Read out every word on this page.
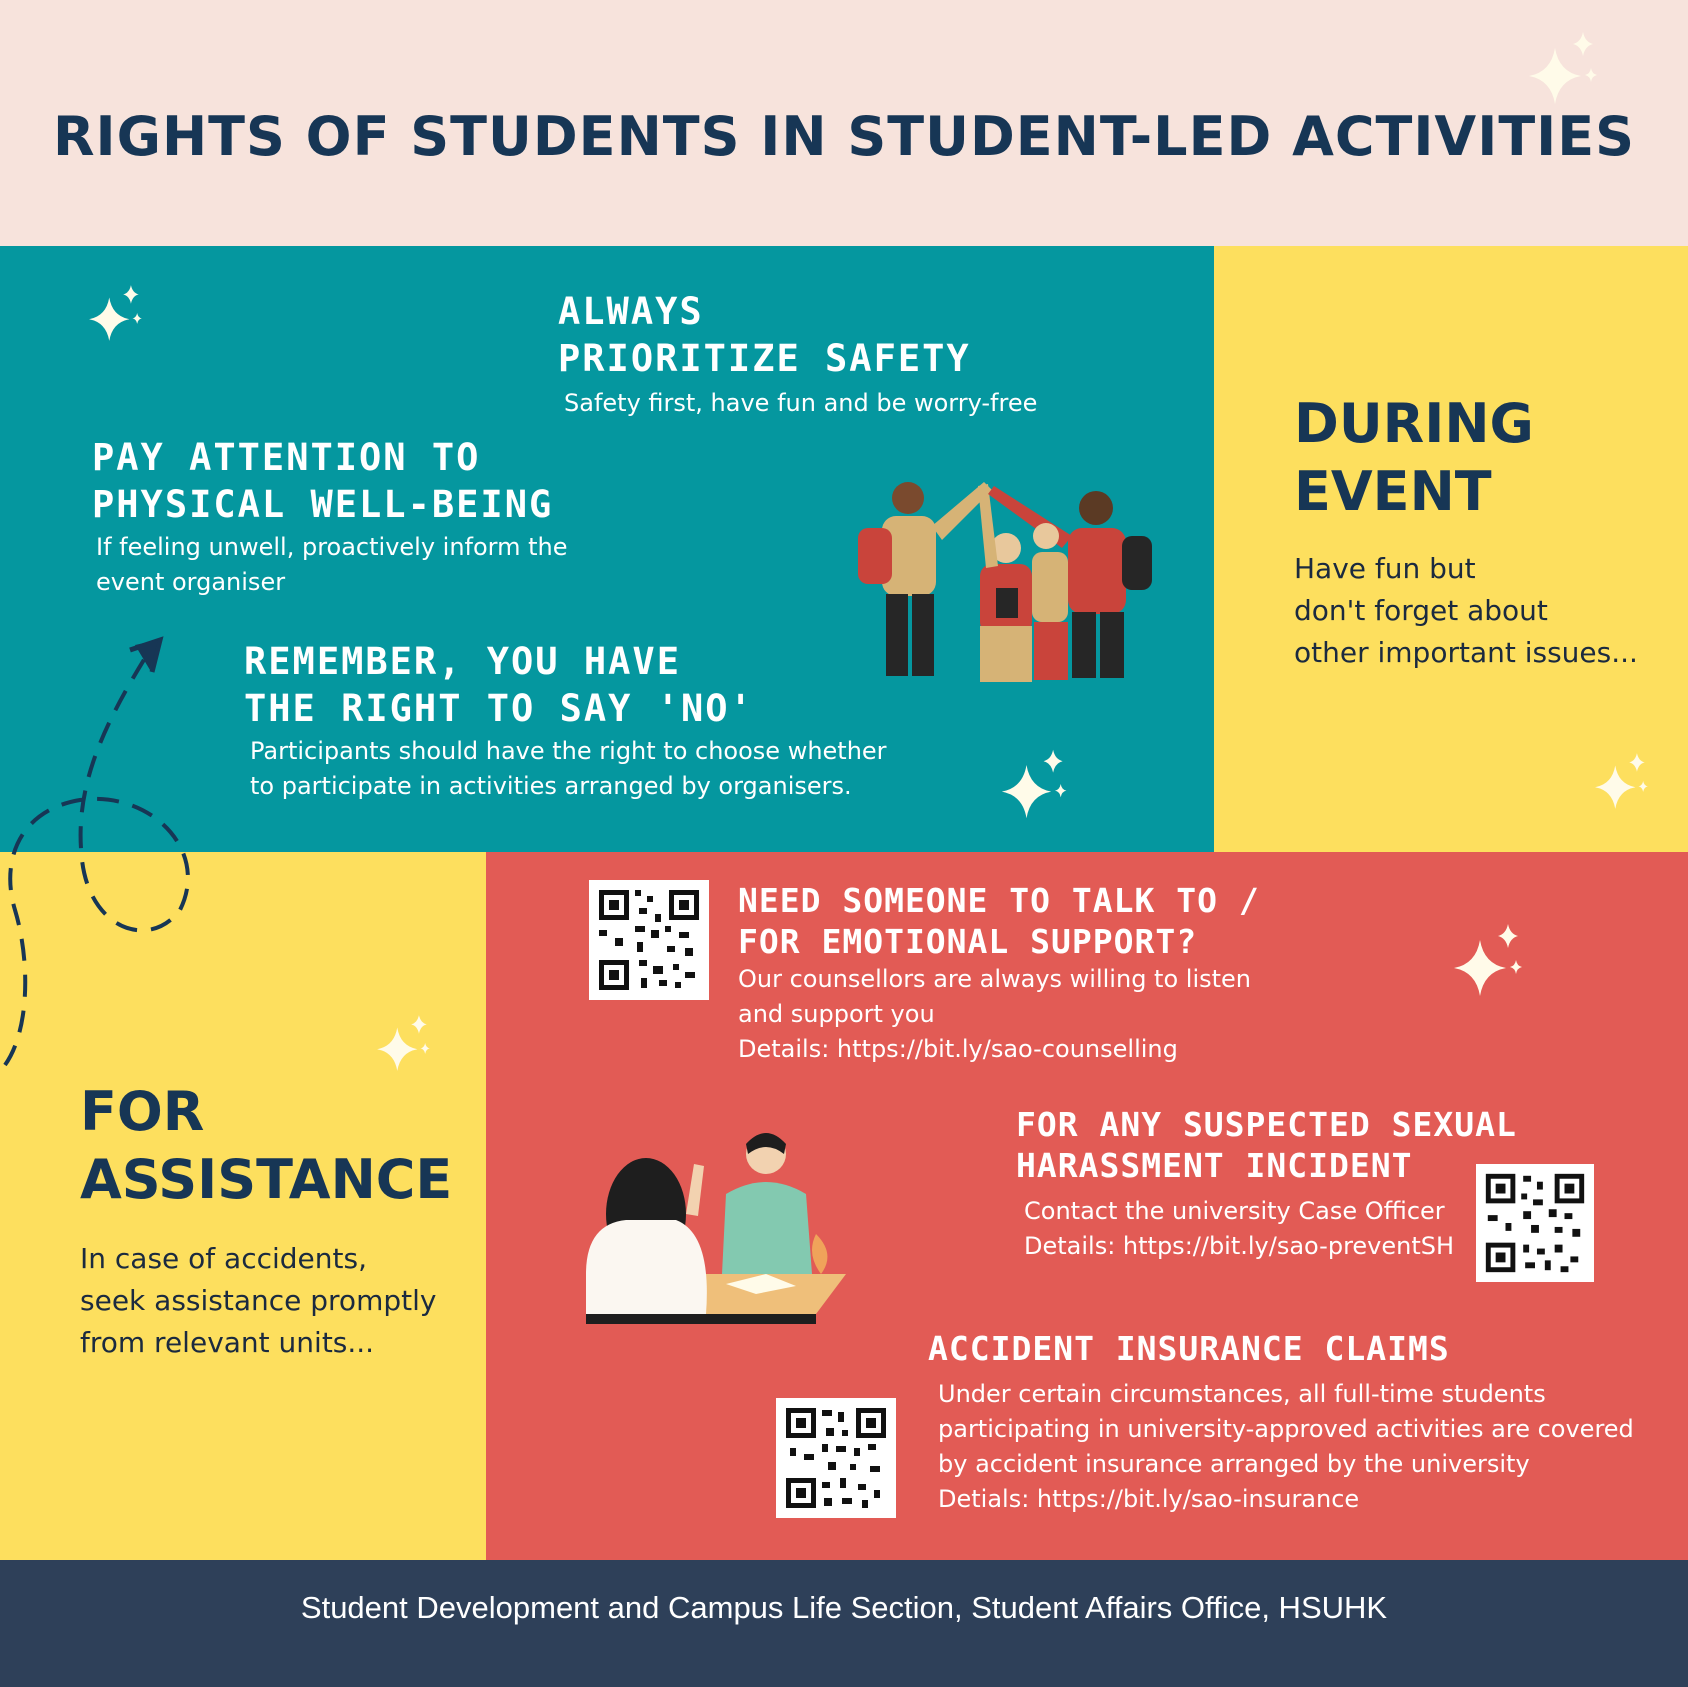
RIGHTS OF STUDENTS IN STUDENT-LED ACTIVITIES

ALWAYS

PRIORITIZE SAFETY

Safety first, have fun and be worry-free

PAY ATTENTION TO

PHYSICAL WELL-BEING

If feeling unwell, proactively inform the

event organiser

REMEMBER, YOU HAVE

THE RIGHT TO SAY 'NO'

Participants should have the right to choose whether

to participate in activities arranged by organisers.

DURING

EVENT

Have fun but

don't forget about

other important issues...

FOR

ASSISTANCE

In case of accidents,

seek assistance promptly

from relevant units...

NEED SOMEONE TO TALK TO /

FOR EMOTIONAL SUPPORT?

Our counsellors are always willing to listen

and support you

Details: https://bit.ly/sao-counselling

FOR ANY SUSPECTED SEXUAL

HARASSMENT INCIDENT

Contact the university Case Officer

Details: https://bit.ly/sao-preventSH

ACCIDENT INSURANCE CLAIMS

Under certain circumstances, all full-time students

participating in university-approved activities are covered

by accident insurance arranged by the university

Detials: https://bit.ly/sao-insurance

Student Development and Campus Life Section, Student Affairs Office, HSUHK
